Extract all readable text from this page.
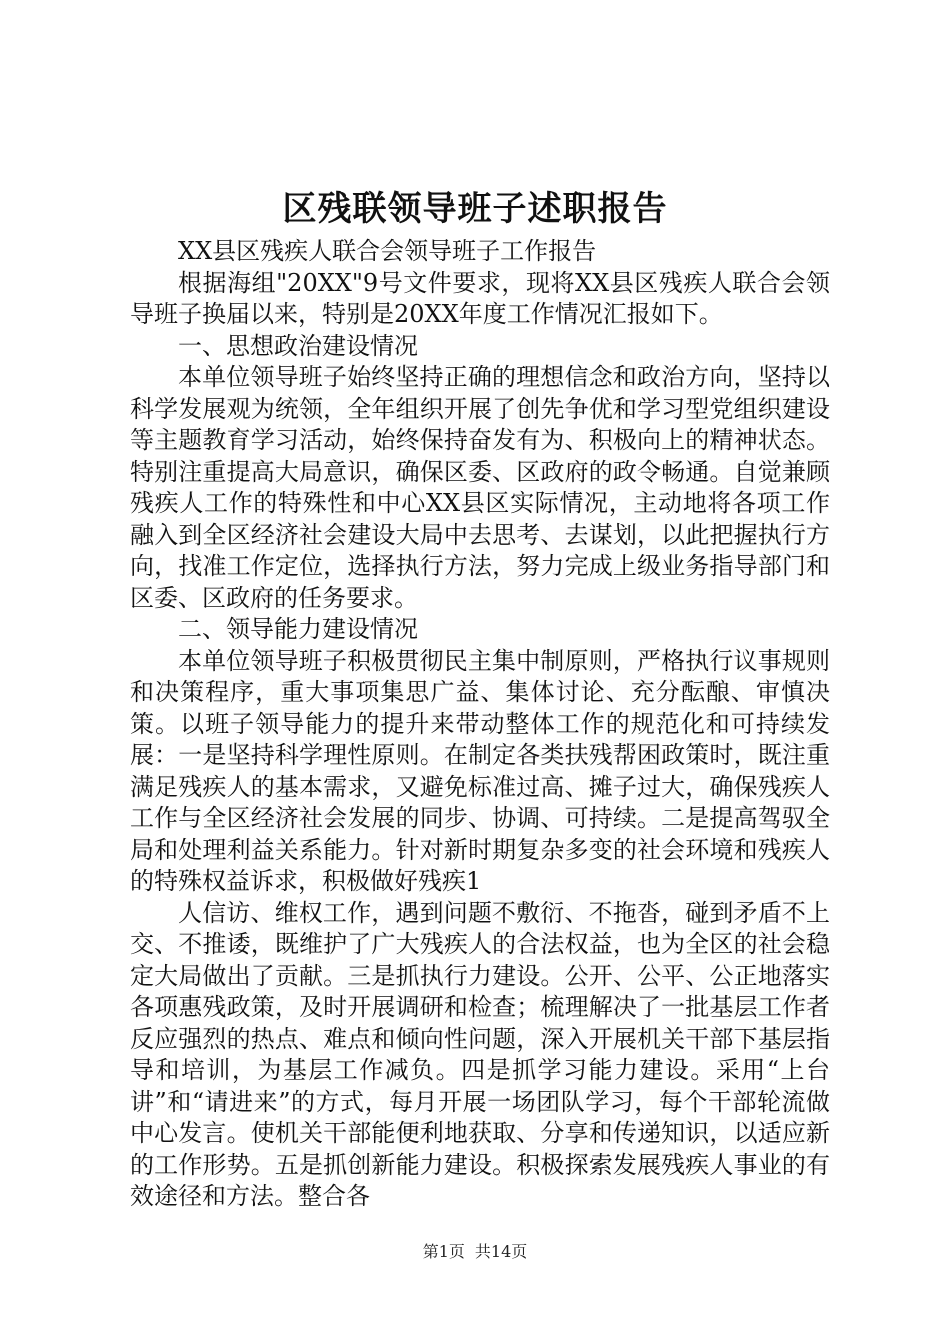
区残联领导班子述职报告

XX县区残疾人联合会领导班子工作报告

根据海组"20XX"9号文件要求，现将XX县区残疾人联合会领导班子换届以来，特别是20XX年度工作情况汇报如下。

一、思想政治建设情况

本单位领导班子始终坚持正确的理想信念和政治方向，坚持以科学发展观为统领，全年组织开展了创先争优和学习型党组织建设等主题教育学习活动，始终保持奋发有为、积极向上的精神状态。特别注重提高大局意识，确保区委、区政府的政令畅通。自觉兼顾残疾人工作的特殊性和中心XX县区实际情况，主动地将各项工作融入到全区经济社会建设大局中去思考、去谋划，以此把握执行方向，找准工作定位，选择执行方法，努力完成上级业务指导部门和区委、区政府的任务要求。

二、领导能力建设情况

本单位领导班子积极贯彻民主集中制原则，严格执行议事规则和决策程序，重大事项集思广益、集体讨论、充分酝酿、审慎决策。以班子领导能力的提升来带动整体工作的规范化和可持续发展：一是坚持科学理性原则。在制定各类扶残帮困政策时，既注重满足残疾人的基本需求，又避免标准过高、摊子过大，确保残疾人工作与全区经济社会发展的同步、协调、可持续。二是提高驾驭全局和处理利益关系能力。针对新时期复杂多变的社会环境和残疾人的特殊权益诉求，积极做好残疾1

人信访、维权工作，遇到问题不敷衍、不拖沓，碰到矛盾不上交、不推诿，既维护了广大残疾人的合法权益，也为全区的社会稳定大局做出了贡献。三是抓执行力建设。公开、公平、公正地落实各项惠残政策，及时开展调研和检查；梳理解决了一批基层工作者反应强烈的热点、难点和倾向性问题，深入开展机关干部下基层指导和培训，为基层工作减负。四是抓学习能力建设。采用“上台讲”和“请进来”的方式，每月开展一场团队学习，每个干部轮流做中心发言。使机关干部能便利地获取、分享和传递知识，以适应新的工作形势。五是抓创新能力建设。积极探索发展残疾人事业的有效途径和方法。整合各

第1页 共14页
